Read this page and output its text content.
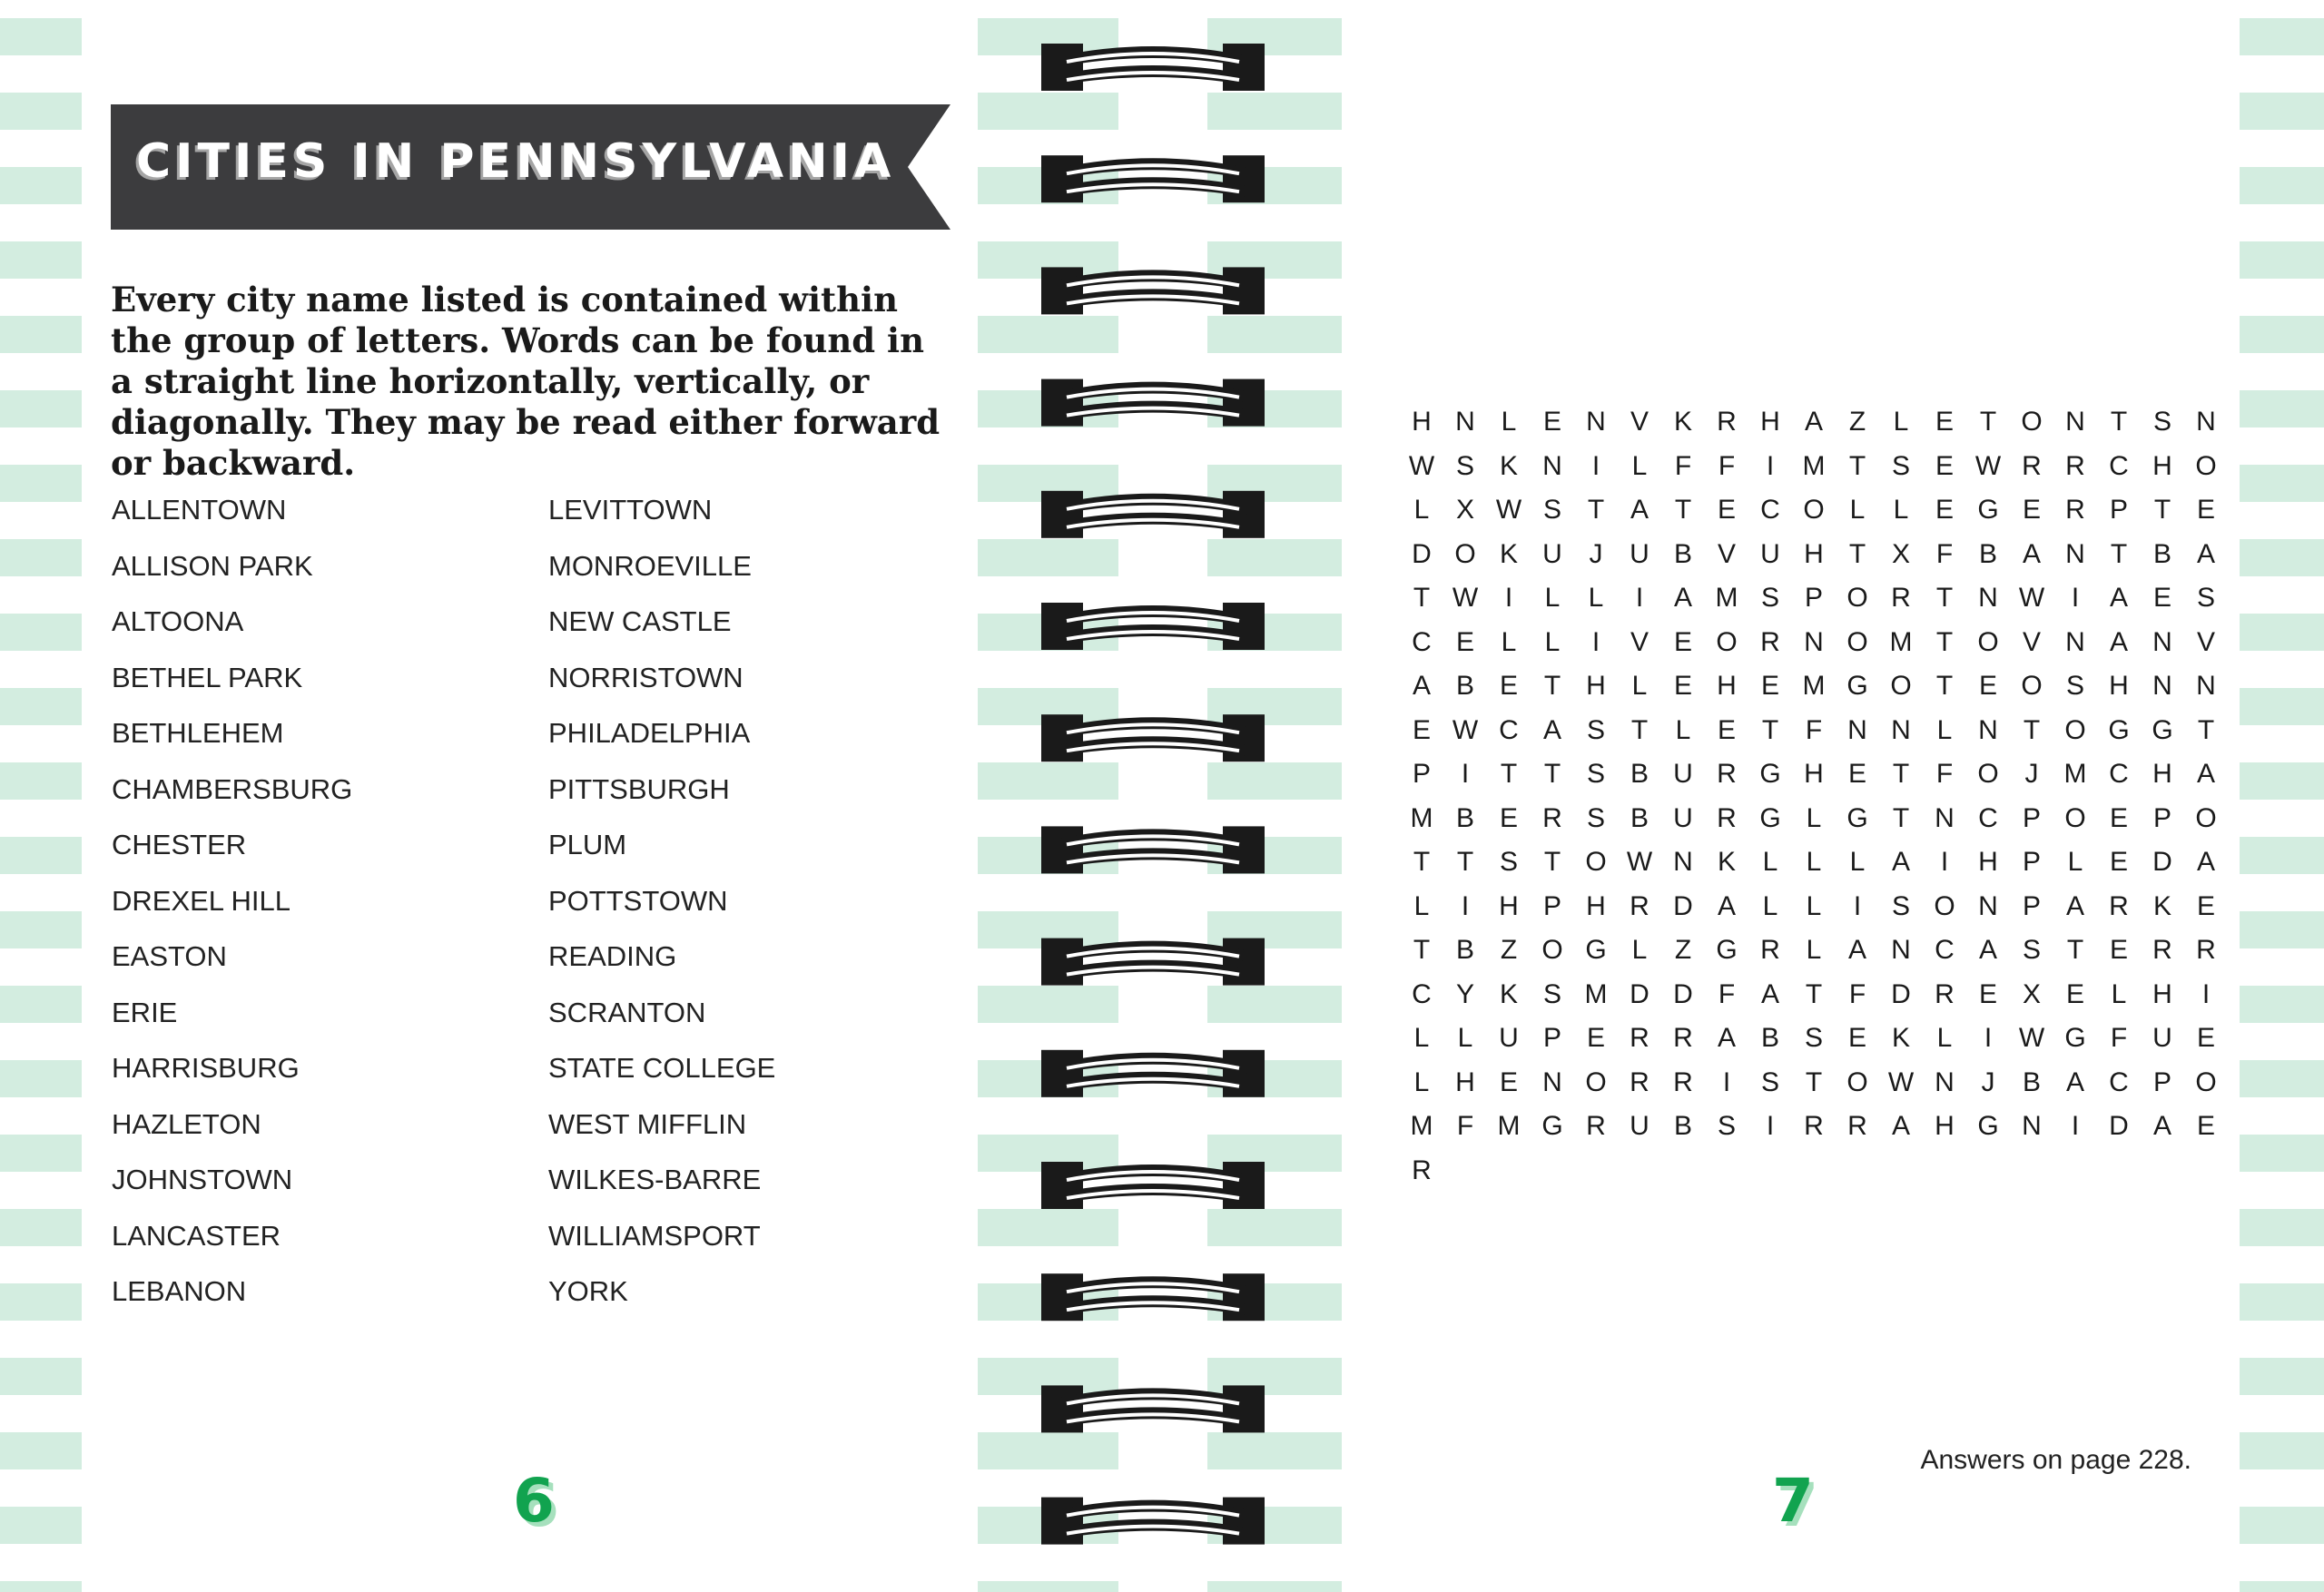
CITIES IN PENNSYLVANIA
Every city name listed is contained within the group of letters. Words can be found in a straight line horizontally, vertically, or diagonally. They may be read either forward or backward.
ALLENTOWN
ALLISON PARK
ALTOONA
BETHEL PARK
BETHLEHEM
CHAMBERSBURG
CHESTER
DREXEL HILL
EASTON
ERIE
HARRISBURG
HAZLETON
JOHNSTOWN
LANCASTER
LEBANON
LEVITTOWN
MONROEVILLE
NEW CASTLE
NORRISTOWN
PHILADELPHIA
PITTSBURGH
PLUM
POTTSTOWN
READING
SCRANTON
STATE COLLEGE
WEST MIFFLIN
WILKES-BARRE
WILLIAMSPORT
YORK
6
H N L E N V K R H A Z	L E T O N T S N
W S K N	I	L	F F	I	M T S E W R R C H O
L X W S T A T E C O L	L E G E R P T E
D O K U J U B V U H T X F B A N T B A
T W I	L	L	I	A M S P O R T N W I	A E S
C E L	L	I	V E O R N O M T O V N A N V
A B E T H L E H E M G O T E O S H N N
E W C A S T	L E T F N N L N T O G G T
P	I	T T S B U R G H E T F O J M C H A
M B E R S B U R G L G T N C P O E P O
T T S T O W N K L	L	L A	I	H P L E D A
L	I	H P H R D A L	L	I	S O N P A R K E
T B Z O G L	Z G R L A N C A S T E R R
C Y K S M D D F A T F D R E X E L H	I
L	L U P E R R A B S E K L	I W G F U E
L H E N O R R	I	S T O W N J	B A C P O
M F M G R U B S	I	R R A H G N	I	D A E
R
Answers on page 228.
7
